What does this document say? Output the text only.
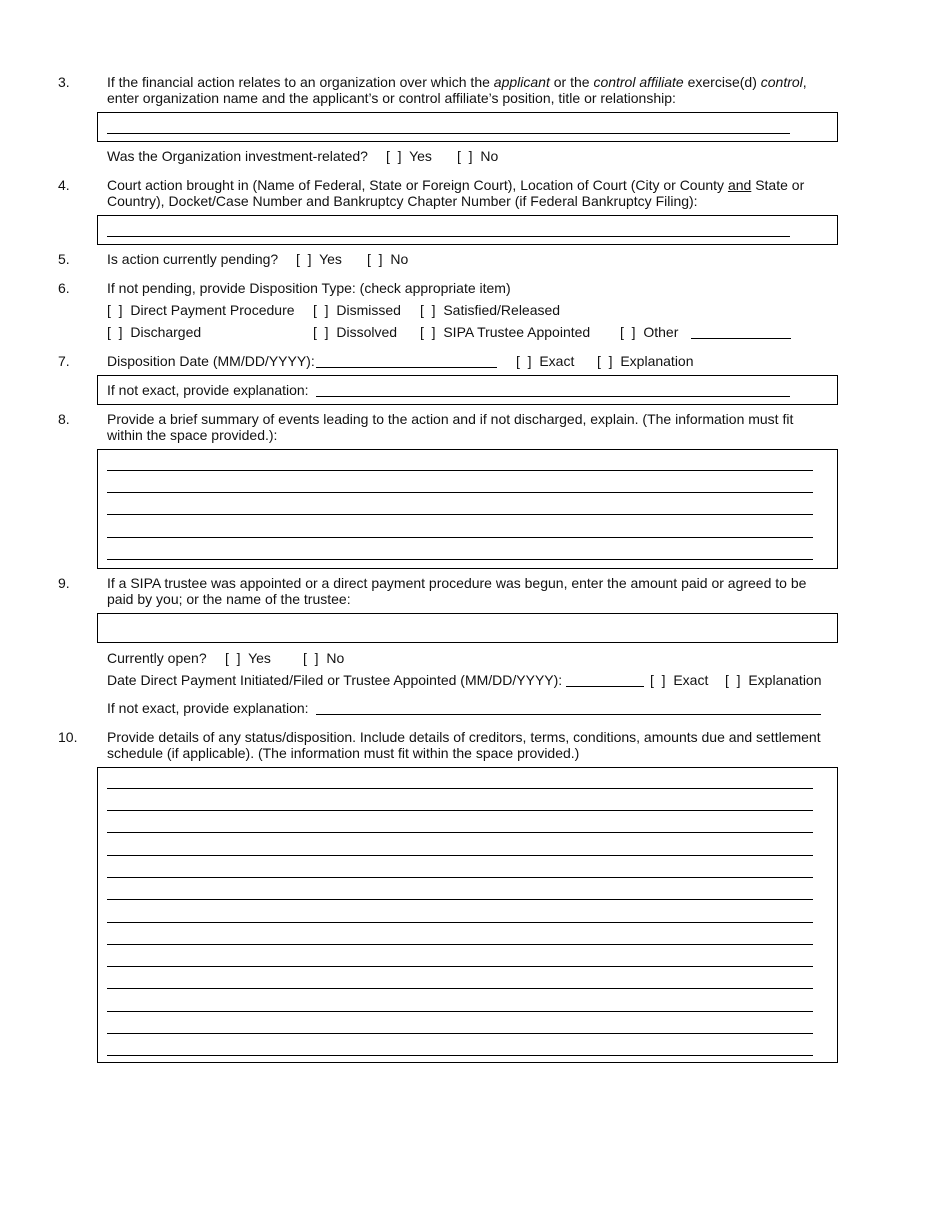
3.	If the financial action relates to an organization over which the applicant or the control affiliate exercise(d) control,
enter organization name and the applicant’s or control affiliate’s position, title or relationship:
Was the Organization investment-related? [  ] Yes [  ] No
4.	Court action brought in (Name of Federal, State or Foreign Court), Location of Court (City or County and State or
Country), Docket/Case Number and Bankruptcy Chapter Number (if Federal Bankruptcy Filing):
5.	Is action currently pending? [  ] Yes [  ] No
6.	If not pending, provide Disposition Type: (check appropriate item)
[  ] Direct Payment Procedure [  ] Dismissed [  ] Satisfied/Released
[  ] Discharged	[  ] Dissolved [  ] SIPA Trustee Appointed [  ] Other
7.	Disposition Date (MM/DD/YYYY):	[  ] Exact [  ] Explanation
If not exact, provide explanation:
8.	Provide a brief summary of events leading to the action and if not discharged, explain. (The information must fit
within the space provided.):
9.	If a SIPA trustee was appointed or a direct payment procedure was begun, enter the amount paid or agreed to be
paid by you; or the name of the trustee:
Currently open? [  ] Yes [  ] No
Date Direct Payment Initiated/Filed or Trustee Appointed (MM/DD/YYYY):	[  ] Exact [  ] Explanation
If not exact, provide explanation:
10. Provide details of any status/disposition. Include details of creditors, terms, conditions, amounts due and settlement
schedule (if applicable). (The information must fit within the space provided.)
